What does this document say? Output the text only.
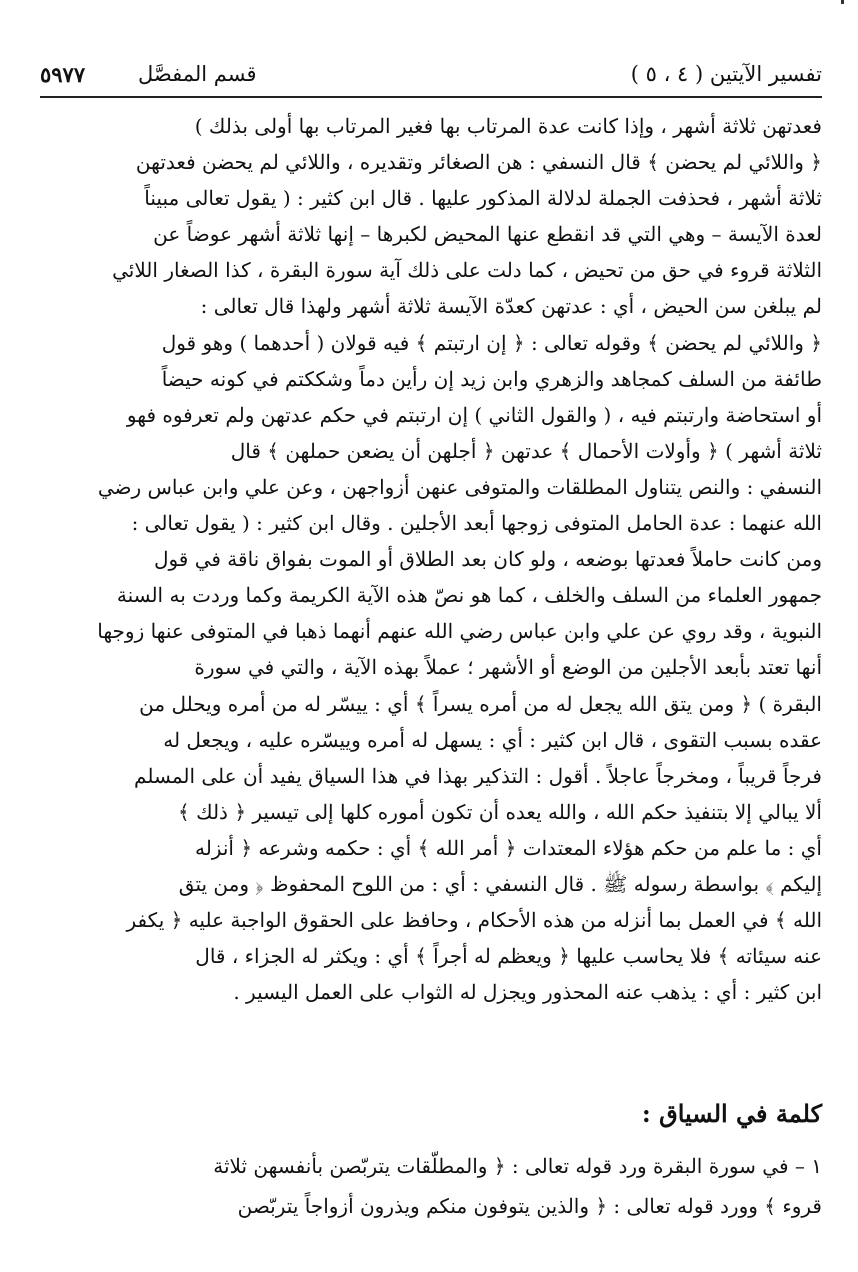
تفسير الآيتين ( ٤ ، ٥ )
قسم المفصَّل
٥٩٧٧
فعدتهن ثلاثة أشهر ، وإذا كانت عدة المرتاب بها فغير المرتاب بها أولى بذلك )
﴿ واللائي لم يحضن ﴾ قال النسفي : هن الصغائر وتقديره ، واللائي لم يحضن فعدتهن
ثلاثة أشهر ، فحذفت الجملة لدلالة المذكور عليها . قال ابن كثير : ( يقول تعالى مبيناً
لعدة الآيسة – وهي التي قد انقطع عنها المحيض لكبرها – إنها ثلاثة أشهر عوضاً عن
الثلاثة قروء في حق من تحيض ، كما دلت على ذلك آية سورة البقرة ، كذا الصغار اللائي
لم يبلغن سن الحيض ، أي : عدتهن كعدّة الآيسة ثلاثة أشهر ولهذا قال تعالى :
﴿ واللائي لم يحضن ﴾ وقوله تعالى : ﴿ إن ارتبتم ﴾ فيه قولان ( أحدهما ) وهو قول
طائفة من السلف كمجاهد والزهري وابن زيد إن رأين دماً وشككتم في كونه حيضاً
أو استحاضة وارتبتم فيه ، ( والقول الثاني ) إن ارتبتم في حكم عدتهن ولم تعرفوه فهو
ثلاثة أشهر ) ﴿ وأولات الأحمال ﴾ عدتهن ﴿ أجلهن أن يضعن حملهن ﴾ قال
النسفي : والنص يتناول المطلقات والمتوفى عنهن أزواجهن ، وعن علي وابن عباس رضي
الله عنهما : عدة الحامل المتوفى زوجها أبعد الأجلين . وقال ابن كثير : ( يقول تعالى :
ومن كانت حاملاً فعدتها بوضعه ، ولو كان بعد الطلاق أو الموت بفواق ناقة في قول
جمهور العلماء من السلف والخلف ، كما هو نصّ هذه الآية الكريمة وكما وردت به السنة
النبوية ، وقد روي عن علي وابن عباس رضي الله عنهم أنهما ذهبا في المتوفى عنها زوجها
أنها تعتد بأبعد الأجلين من الوضع أو الأشهر ؛ عملاً بهذه الآية ، والتي في سورة
البقرة ) ﴿ ومن يتق الله يجعل له من أمره يسراً ﴾ أي : ييسّر له من أمره ويحلل من
عقده بسبب التقوى ، قال ابن كثير : أي : يسهل له أمره وييسّره عليه ، ويجعل له
فرجاً قريباً ، ومخرجاً عاجلاً . أقول : التذكير بهذا في هذا السياق يفيد أن على المسلم
ألا يبالي إلا بتنفيذ حكم الله ، والله يعده أن تكون أموره كلها إلى تيسير ﴿ ذلك ﴾
أي : ما علم من حكم هؤلاء المعتدات ﴿ أمر الله ﴾ أي : حكمه وشرعه ﴿ أنزله
إليكم ﴾ بواسطة رسوله ﷺ . قال النسفي : أي : من اللوح المحفوظ ﴿ ومن يتق
الله ﴾ في العمل بما أنزله من هذه الأحكام ، وحافظ على الحقوق الواجبة عليه ﴿ يكفر
عنه سيئاته ﴾ فلا يحاسب عليها ﴿ ويعظم له أجراً ﴾ أي : ويكثر له الجزاء ، قال
ابن كثير : أي : يذهب عنه المحذور ويجزل له الثواب على العمل اليسير .
كلمة في السياق :
١ – في سورة البقرة ورد قوله تعالى : ﴿ والمطلّقات يتربّصن بأنفسهن ثلاثة
قروء ﴾ وورد قوله تعالى : ﴿ والذين يتوفون منكم ويذرون أزواجاً يتربّصن
